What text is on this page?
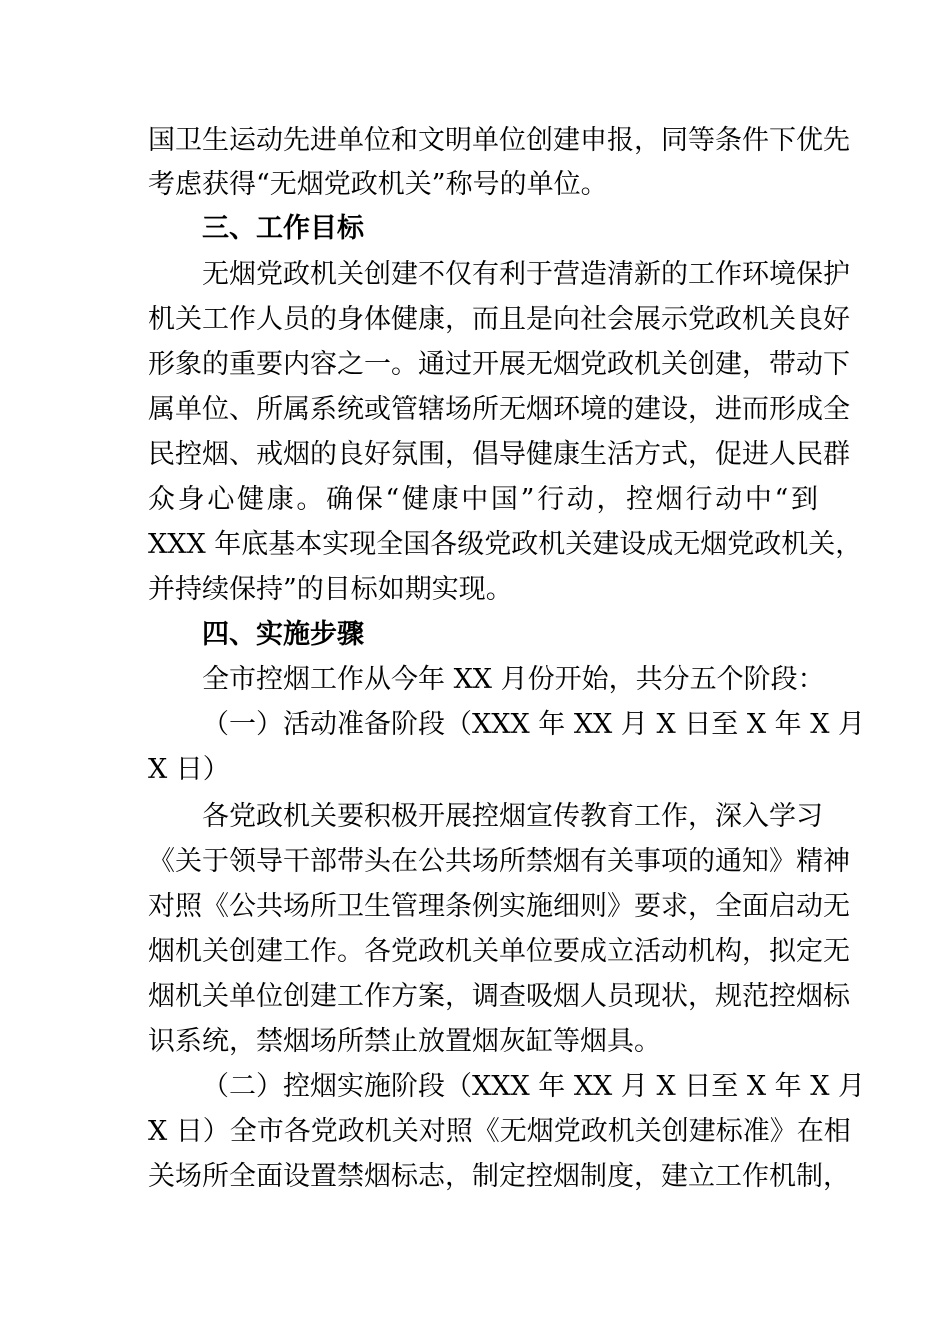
国卫生运动先进单位和文明单位创建申报，同等条件下优先
考虑获得“无烟党政机关”称号的单位。
三、工作目标
无烟党政机关创建不仅有利于营造清新的工作环境保护
机关工作人员的身体健康，而且是向社会展示党政机关良好
形象的重要内容之一。通过开展无烟党政机关创建，带动下
属单位、所属系统或管辖场所无烟环境的建设，进而形成全
民控烟、戒烟的良好氛围，倡导健康生活方式，促进人民群
众身心健康。确保“健康中国”行动，控烟行动中“到
XXX 年底基本实现全国各级党政机关建设成无烟党政机关，
并持续保持”的目标如期实现。
四、实施步骤
全市控烟工作从今年 XX 月份开始，共分五个阶段：
（一）活动准备阶段（XXX 年 XX 月 X 日至 X 年 X 月
X 日）
各党政机关要积极开展控烟宣传教育工作，深入学习
《关于领导干部带头在公共场所禁烟有关事项的通知》精神
对照《公共场所卫生管理条例实施细则》要求，全面启动无
烟机关创建工作。各党政机关单位要成立活动机构，拟定无
烟机关单位创建工作方案，调查吸烟人员现状，规范控烟标
识系统，禁烟场所禁止放置烟灰缸等烟具。
（二）控烟实施阶段（XXX 年 XX 月 X 日至 X 年 X 月
X 日）全市各党政机关对照《无烟党政机关创建标准》在相
关场所全面设置禁烟标志，制定控烟制度，建立工作机制，
